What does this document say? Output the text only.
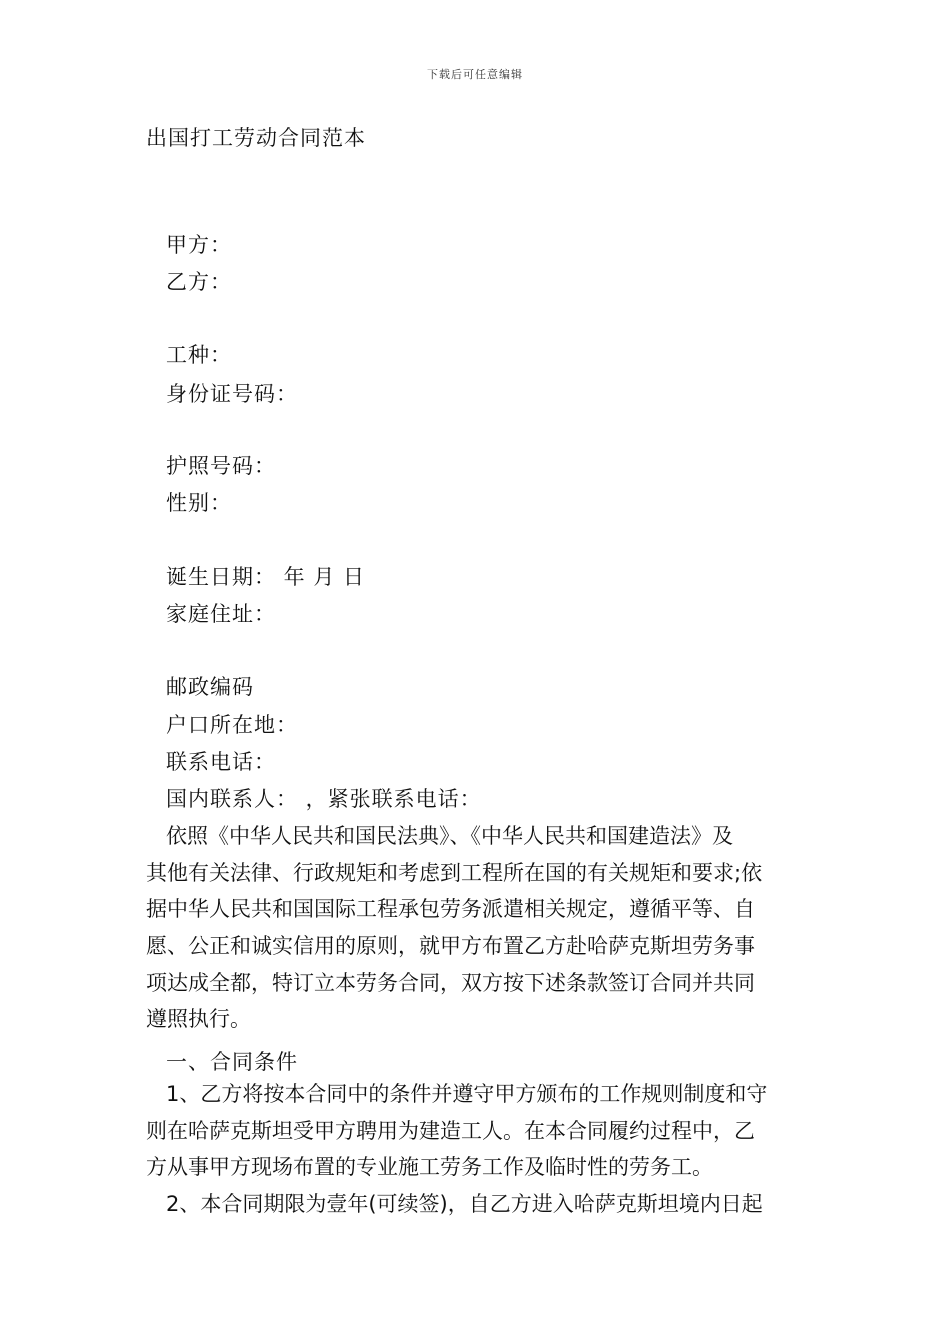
下载后可任意编辑
出国打工劳动合同范本
甲方：
乙方：
工种：
身份证号码：
护照号码：
性别：
诞生日期： 年 月 日
家庭住址：
邮政编码
户口所在地：
联系电话：
国内联系人： ，紧张联系电话：
依照《中华人民共和国民法典》、《中华人民共和国建造法》及
其他有关法律、行政规矩和考虑到工程所在国的有关规矩和要求;依
据中华人民共和国国际工程承包劳务派遣相关规定，遵循平等、自
愿、公正和诚实信用的原则，就甲方布置乙方赴哈萨克斯坦劳务事
项达成全都，特订立本劳务合同，双方按下述条款签订合同并共同
遵照执行。
一、合同条件
1、乙方将按本合同中的条件并遵守甲方颁布的工作规则制度和守
则在哈萨克斯坦受甲方聘用为建造工人。在本合同履约过程中，乙
方从事甲方现场布置的专业施工劳务工作及临时性的劳务工。
2、本合同期限为壹年(可续签)，自乙方进入哈萨克斯坦境内日起
